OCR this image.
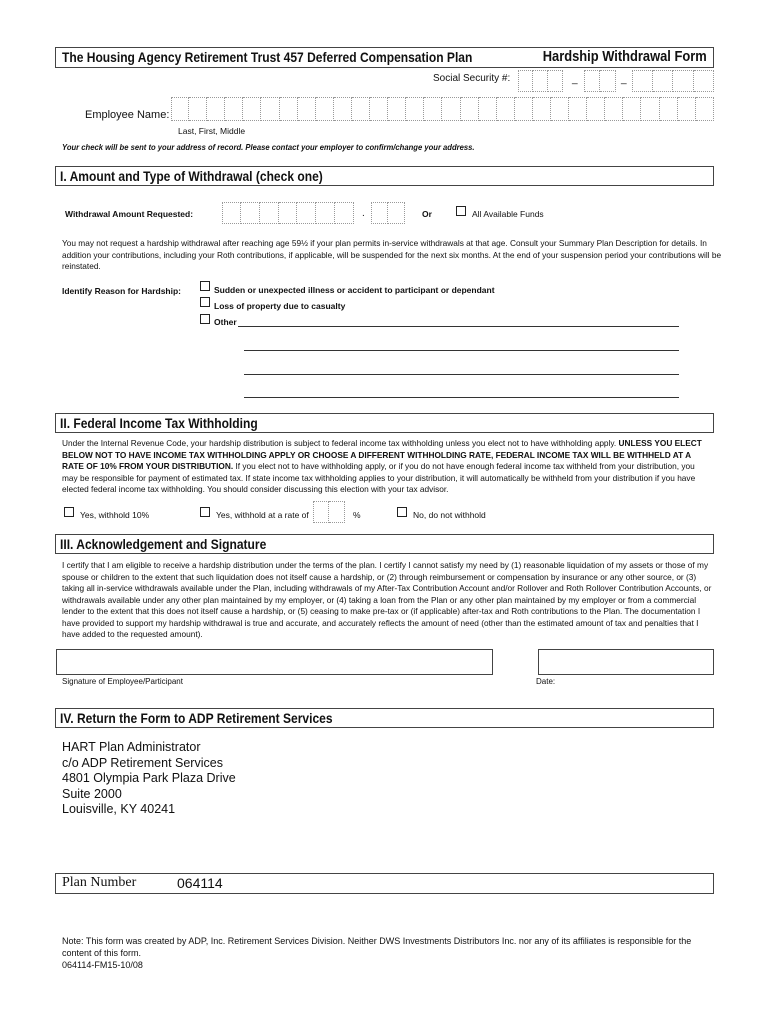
The Housing Agency Retirement Trust 457 Deferred Compensation Plan	Hardship Withdrawal Form
Social Security #:	_	_
Employee Name:
Last, First, Middle
Your check will be sent to your address of record. Please contact your employer to confirm/change your address.
I. Amount and Type of Withdrawal (check one)
Withdrawal Amount Requested:	.	Or	All Available Funds
You may not request a hardship withdrawal after reaching age 59½ if your plan permits in-service withdrawals at that age. Consult your Summary Plan Description for details. In addition your contributions, including your Roth contributions, if applicable, will be suspended for the next six months. At the end of your suspension period your contributions will be reinstated.
Identify Reason for Hardship:	Sudden or unexpected illness or accident to participant or dependant
Loss of property due to casualty
Other
II. Federal Income Tax Withholding
Under the Internal Revenue Code, your hardship distribution is subject to federal income tax withholding unless you elect not to have withholding apply. UNLESS YOU ELECT BELOW NOT TO HAVE INCOME TAX WITHHOLDING APPLY OR CHOOSE A DIFFERENT WITHHOLDING RATE, FEDERAL INCOME TAX WILL BE WITHHELD AT A RATE OF 10% FROM YOUR DISTRIBUTION. If you elect not to have withholding apply, or if you do not have enough federal income tax withheld from your distribution, you may be responsible for payment of estimated tax. If state income tax withholding applies to your distribution, it will automatically be withheld from your distribution if you have elected federal income tax withholding. You should consider discussing this election with your tax advisor.
Yes, withhold 10%	Yes, withhold at a rate of	%	No, do not withhold
III. Acknowledgement and Signature
I certify that I am eligible to receive a hardship distribution under the terms of the plan. I certify I cannot satisfy my need by (1) reasonable liquidation of my assets or those of my spouse or children to the extent that such liquidation does not itself cause a hardship, or (2) through reimbursement or compensation by insurance or any other source, or (3) taking all in-service withdrawals available under the Plan, including withdrawals of my After-Tax Contribution Account and/or Rollover and Roth Rollover Contribution Accounts, or withdrawals available under any other plan maintained by my employer, or (4) taking a loan from the Plan or any other plan maintained by my employer or from a commercial lender to the extent that this does not itself cause a hardship, or (5) ceasing to make pre-tax or (if applicable) after-tax and Roth contributions to the Plan. The documentation I have provided to support my hardship withdrawal is true and accurate, and accurately reflects the amount of need (other than the estimated amount of tax and penalties that I have added to the requested amount).
Signature of Employee/Participant	Date:
IV. Return the Form to ADP Retirement Services
HART Plan Administrator
c/o ADP Retirement Services
4801 Olympia Park Plaza Drive
Suite 2000
Louisville, KY 40241
Plan Number	064114
Note: This form was created by ADP, Inc. Retirement Services Division. Neither DWS Investments Distributors Inc. nor any of its affiliates is responsible for the content of this form.
064114-FM15-10/08
